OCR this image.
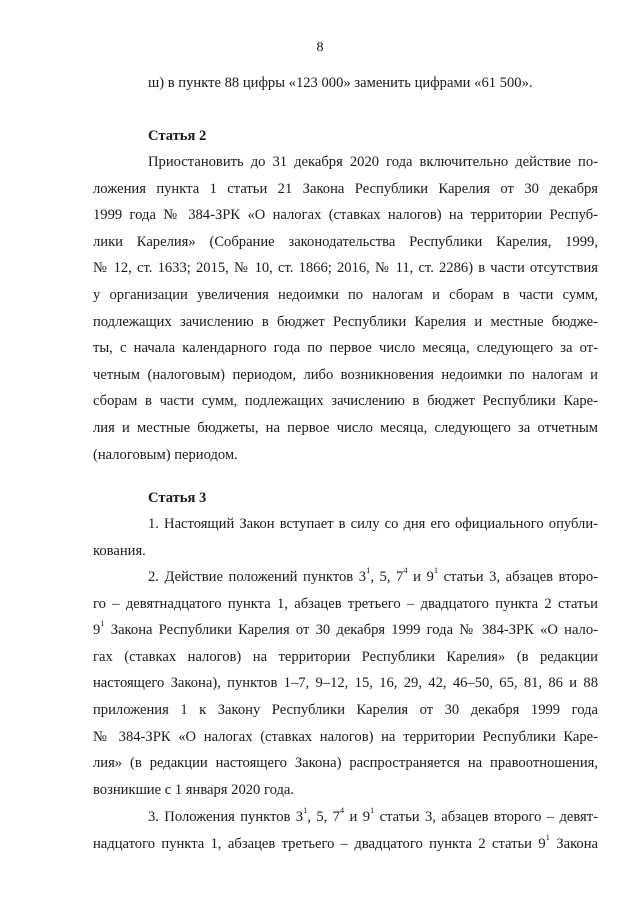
8
ш) в пункте 88 цифры «123 000» заменить цифрами «61 500».
Статья 2
Приостановить до 31 декабря 2020 года включительно действие по-
ложения пункта 1 статьи 21 Закона Республики Карелия от 30 декабря
1999 года № 384-ЗРК «О налогах (ставках налогов) на территории Респуб-
лики Карелия» (Собрание законодательства Республики Карелия, 1999,
№ 12, ст. 1633; 2015, № 10, ст. 1866; 2016, № 11, ст. 2286) в части отсутствия
у организации увеличения недоимки по налогам и сборам в части сумм,
подлежащих зачислению в бюджет Республики Карелия и местные бюдже-
ты, с начала календарного года по первое число месяца, следующего за от-
четным (налоговым) периодом, либо возникновения недоимки по налогам и
сборам в части сумм, подлежащих зачислению в бюджет Республики Каре-
лия и местные бюджеты, на первое число месяца, следующего за отчетным
(налоговым) периодом.
Статья 3
1. Настоящий Закон вступает в силу со дня его официального опубли-
кования.
2. Действие положений пунктов $3^1$, 5, $7^4$ и $9^1$ статьи 3, абзацев второ-
го – девятнадцатого пункта 1, абзацев третьего – двадцатого пункта 2 статьи
$9^1$ Закона Республики Карелия от 30 декабря 1999 года № 384-ЗРК «О нало-
гах (ставках налогов) на территории Республики Карелия» (в редакции
настоящего Закона), пунктов 1–7, 9–12, 15, 16, 29, 42, 46–50, 65, 81, 86 и 88
приложения 1 к Закону Республики Карелия от 30 декабря 1999 года
№ 384-ЗРК «О налогах (ставках налогов) на территории Республики Каре-
лия» (в редакции настоящего Закона) распространяется на правоотношения,
возникшие с 1 января 2020 года.
3. Положения пунктов $3^1$, 5, $7^4$ и $9^1$ статьи 3, абзацев второго – девят-
надцатого пункта 1, абзацев третьего – двадцатого пункта 2 статьи $9^1$ Закона
